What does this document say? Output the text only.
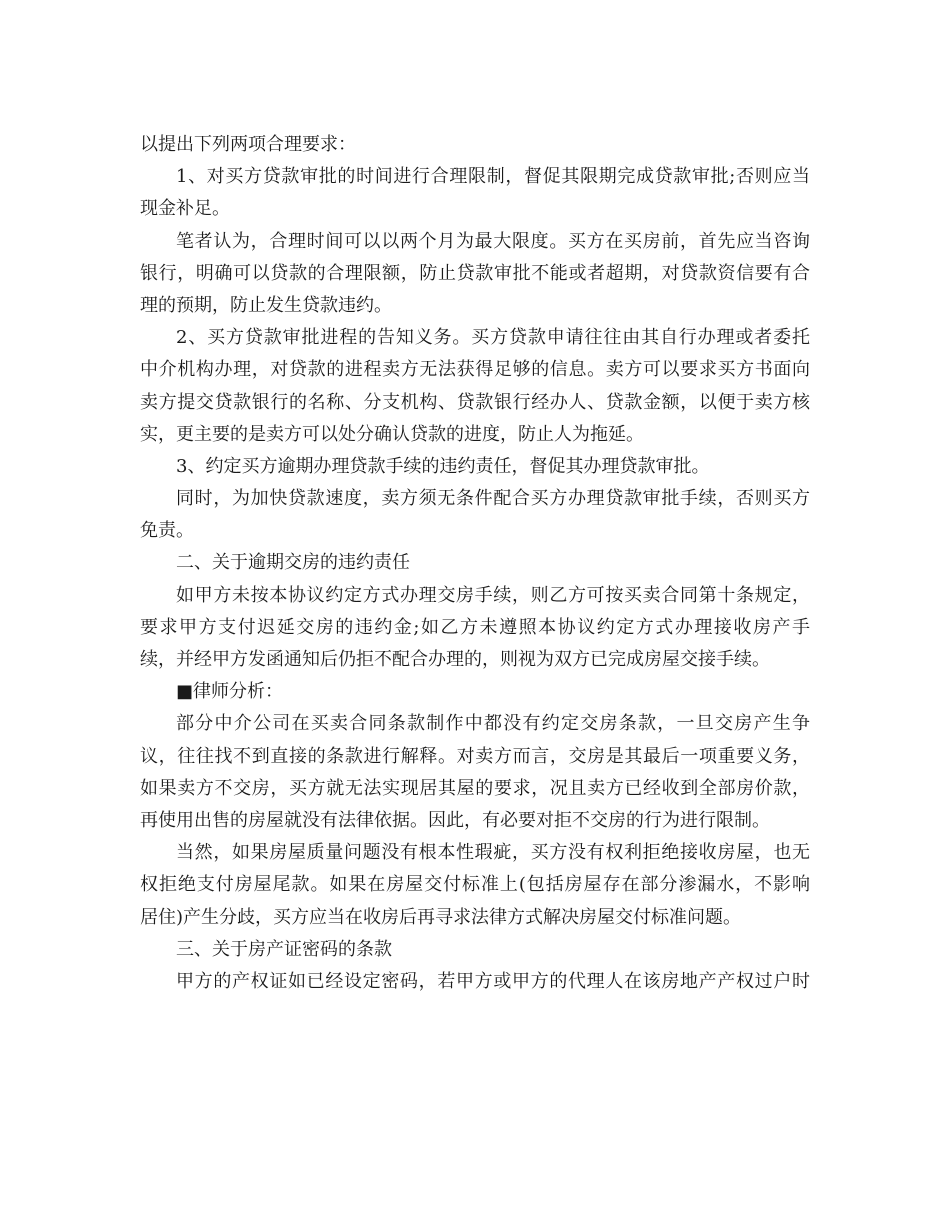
以提出下列两项合理要求：
1、对买方贷款审批的时间进行合理限制，督促其限期完成贷款审批;否则应当
现金补足。
笔者认为，合理时间可以以两个月为最大限度。买方在买房前，首先应当咨询
银行，明确可以贷款的合理限额，防止贷款审批不能或者超期，对贷款资信要有合
理的预期，防止发生贷款违约。
2、买方贷款审批进程的告知义务。买方贷款申请往往由其自行办理或者委托
中介机构办理，对贷款的进程卖方无法获得足够的信息。卖方可以要求买方书面向
卖方提交贷款银行的名称、分支机构、贷款银行经办人、贷款金额，以便于卖方核
实，更主要的是卖方可以处分确认贷款的进度，防止人为拖延。
3、约定买方逾期办理贷款手续的违约责任，督促其办理贷款审批。
同时，为加快贷款速度，卖方须无条件配合买方办理贷款审批手续，否则买方
免责。
二、关于逾期交房的违约责任
如甲方未按本协议约定方式办理交房手续，则乙方可按买卖合同第十条规定，
要求甲方支付迟延交房的违约金;如乙方未遵照本协议约定方式办理接收房产手
续，并经甲方发函通知后仍拒不配合办理的，则视为双方已完成房屋交接手续。
■律师分析：
部分中介公司在买卖合同条款制作中都没有约定交房条款，一旦交房产生争
议，往往找不到直接的条款进行解释。对卖方而言，交房是其最后一项重要义务，
如果卖方不交房，买方就无法实现居其屋的要求，况且卖方已经收到全部房价款，
再使用出售的房屋就没有法律依据。因此，有必要对拒不交房的行为进行限制。
当然，如果房屋质量问题没有根本性瑕疵，买方没有权利拒绝接收房屋，也无
权拒绝支付房屋尾款。如果在房屋交付标准上(包括房屋存在部分渗漏水，不影响
居住)产生分歧，买方应当在收房后再寻求法律方式解决房屋交付标准问题。
三、关于房产证密码的条款
甲方的产权证如已经设定密码，若甲方或甲方的代理人在该房地产产权过户时
